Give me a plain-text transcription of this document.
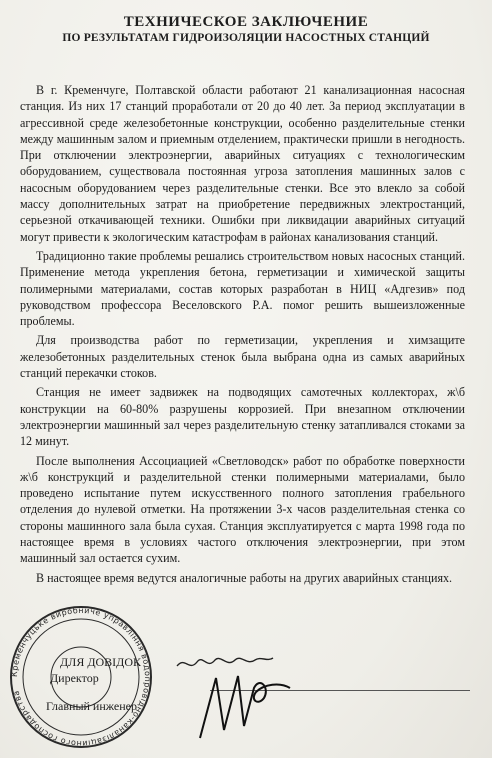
ТЕХНИЧЕСКОЕ ЗАКЛЮЧЕНИЕ
ПО РЕЗУЛЬТАТАМ ГИДРОИЗОЛЯЦИИ НАСОСТНЫХ СТАНЦИЙ

В г. Кременчуге, Полтавской области работают 21 канализационная насосная станция. Из них 17 станций проработали от 20 до 40 лет. За период эксплуатации в агрессивной среде железобетонные конструкции, особенно разделительные стенки между машинным залом и приемным отделением, практически пришли в негодность. При отключении электроэнергии, аварийных ситуациях с технологическим оборудованием, существовала постоянная угроза затопления машинных залов с насосным оборудованием через разделительные стенки. Все это влекло за собой массу дополнительных затрат на приобретение передвижных электростанций, серьезной откачивающей техники. Ошибки при ликвидации аварийных ситуаций могут привести к экологическим катастрофам в районах канализования станций.

Традиционно такие проблемы решались строительством новых насосных станций. Применение метода укрепления бетона, герметизации и химической защиты полимерными материалами, состав которых разработан в НИЦ «Адгезив» под руководством профессора Веселовского Р.А. помог решить вышеизложенные проблемы.

Для производства работ по герметизации, укрепления и химзащите железобетонных разделительных стенок была выбрана одна из самых аварийных станций перекачки стоков.

Станция не имеет задвижек на подводящих самотечных коллекторах, ж\б конструкции на 60-80% разрушены коррозией. При внезапном отключении электроэнергии машинный зал через разделительную стенку затапливался стоками за 12 минут.

После выполнения Ассоциацией «Светловодск» работ по обработке поверхности ж\б конструкций и разделительной стенки полимерными материалами, было проведено испытание путем искусственного полного затопления грабельного отделения до нулевой отметки. На протяжении 3-х часов разделительная стенка со стороны машинного зала была сухая. Станция эксплуатируется с марта 1998 года по настоящее время в условиях частого отключения электроэнергии, при этом машинный зал остается сухим.

В настоящее время ведутся аналогичные работы на других аварийных станциях.

Кременчуцьке виробниче управління водопровідно-каналізаційного господарства
ДЛЯ ДОВІДОК
Директор
Главный инженер
